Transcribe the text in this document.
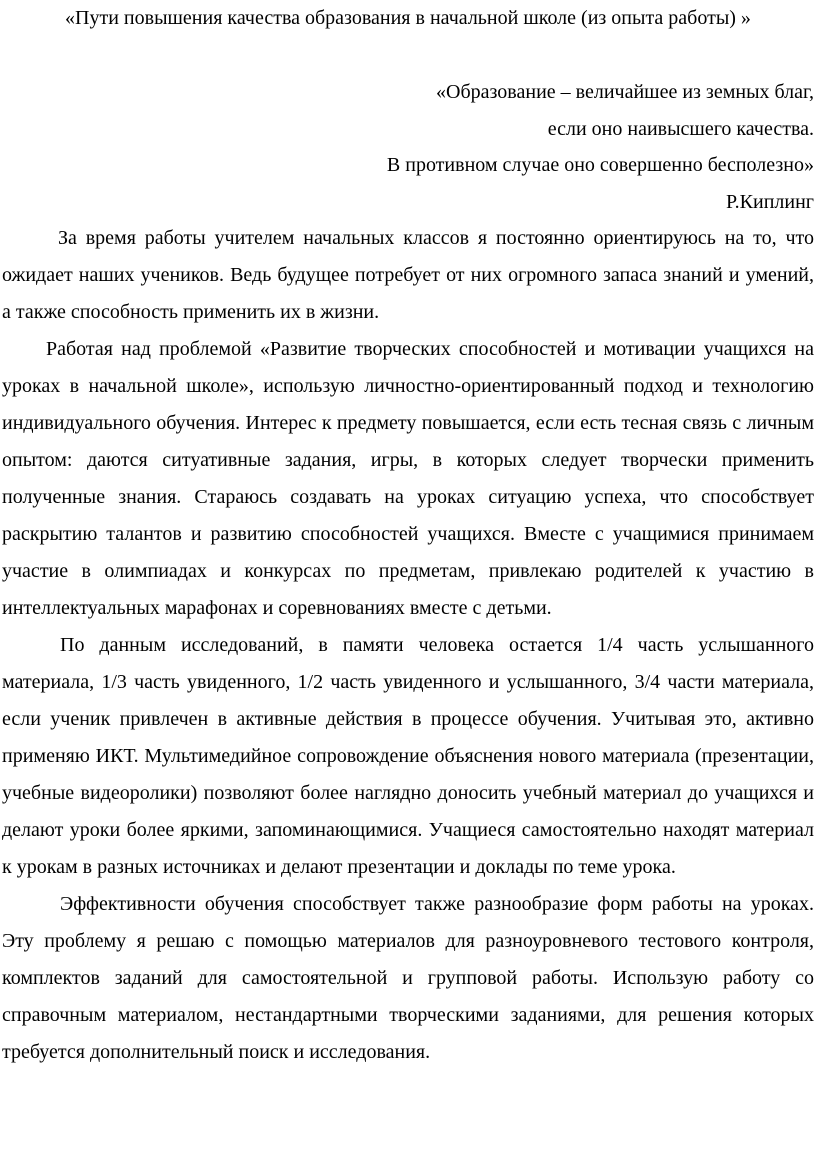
«Пути повышения качества образования в начальной школе (из опыта работы) »
«Образование – величайшее из земных благ,
если оно наивысшего качества.
В противном случае оно совершенно бесполезно»
Р.Киплинг

За время работы учителем начальных классов я постоянно ориентируюсь на то, что ожидает наших учеников. Ведь будущее потребует от них огромного запаса знаний и умений, а также способность применить их в жизни.

Работая над проблемой «Развитие творческих способностей и мотивации учащихся на уроках в начальной школе», использую личностно-ориентированный подход и технологию индивидуального обучения. Интерес к предмету повышается, если есть тесная связь с личным опытом: даются ситуативные задания, игры, в которых следует творчески применить полученные знания. Стараюсь создавать на уроках ситуацию успеха, что способствует раскрытию талантов и развитию способностей учащихся. Вместе с учащимися принимаем участие в олимпиадах и конкурсах по предметам, привлекаю родителей к участию в интеллектуальных марафонах и соревнованиях вместе с детьми.

По данным исследований, в памяти человека остается 1/4 часть услышанного материала, 1/3 часть увиденного, 1/2 часть увиденного и услышанного, 3/4 части материала, если ученик привлечен в активные действия в процессе обучения. Учитывая это, активно применяю ИКТ. Мультимедийное сопровождение объяснения нового материала (презентации, учебные видеоролики) позволяют более наглядно доносить учебный материал до учащихся и делают уроки более яркими, запоминающимися. Учащиеся самостоятельно находят материал к урокам в разных источниках и делают презентации и доклады по теме урока.

Эффективности обучения способствует также разнообразие форм работы на уроках. Эту проблему я решаю с помощью материалов для разноуровневого тестового контроля, комплектов заданий для самостоятельной и групповой работы. Использую работу со справочным материалом, нестандартными творческими заданиями, для решения которых требуется дополнительный поиск и исследования.
